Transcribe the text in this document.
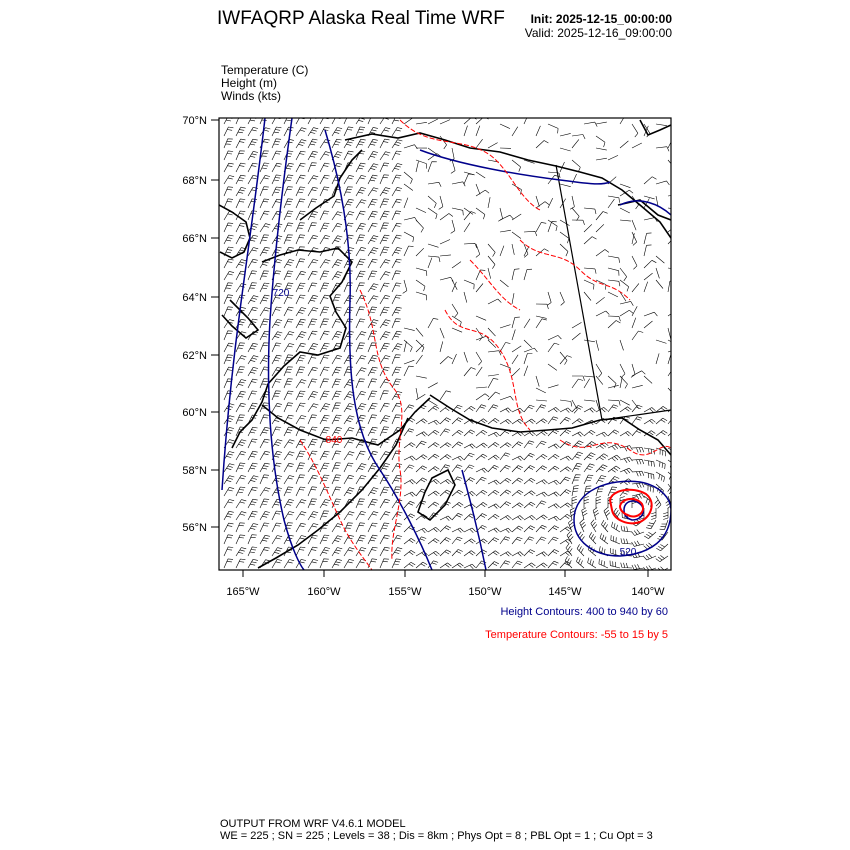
IWFAQRP Alaska Real Time WRF Init: 2025-12-15_00:00:00
Valid: 2025-12-16_09:00:00
Temperature (C)
Height (m)
Winds (kts)
720
840
520
70°N
68°N
66°N
64°N
62°N
60°N
58°N
56°N
165°W	160°W	155°W	150°W	145°W	140°W
Height Contours: 400 to 940 by 60
Temperature Contours: -55 to 15 by 5
OUTPUT FROM WRF V4.6.1 MODEL
WE = 225 ; SN = 225 ; Levels = 38 ; Dis = 8km ; Phys Opt = 8 ; PBL Opt = 1 ; Cu Opt = 3
